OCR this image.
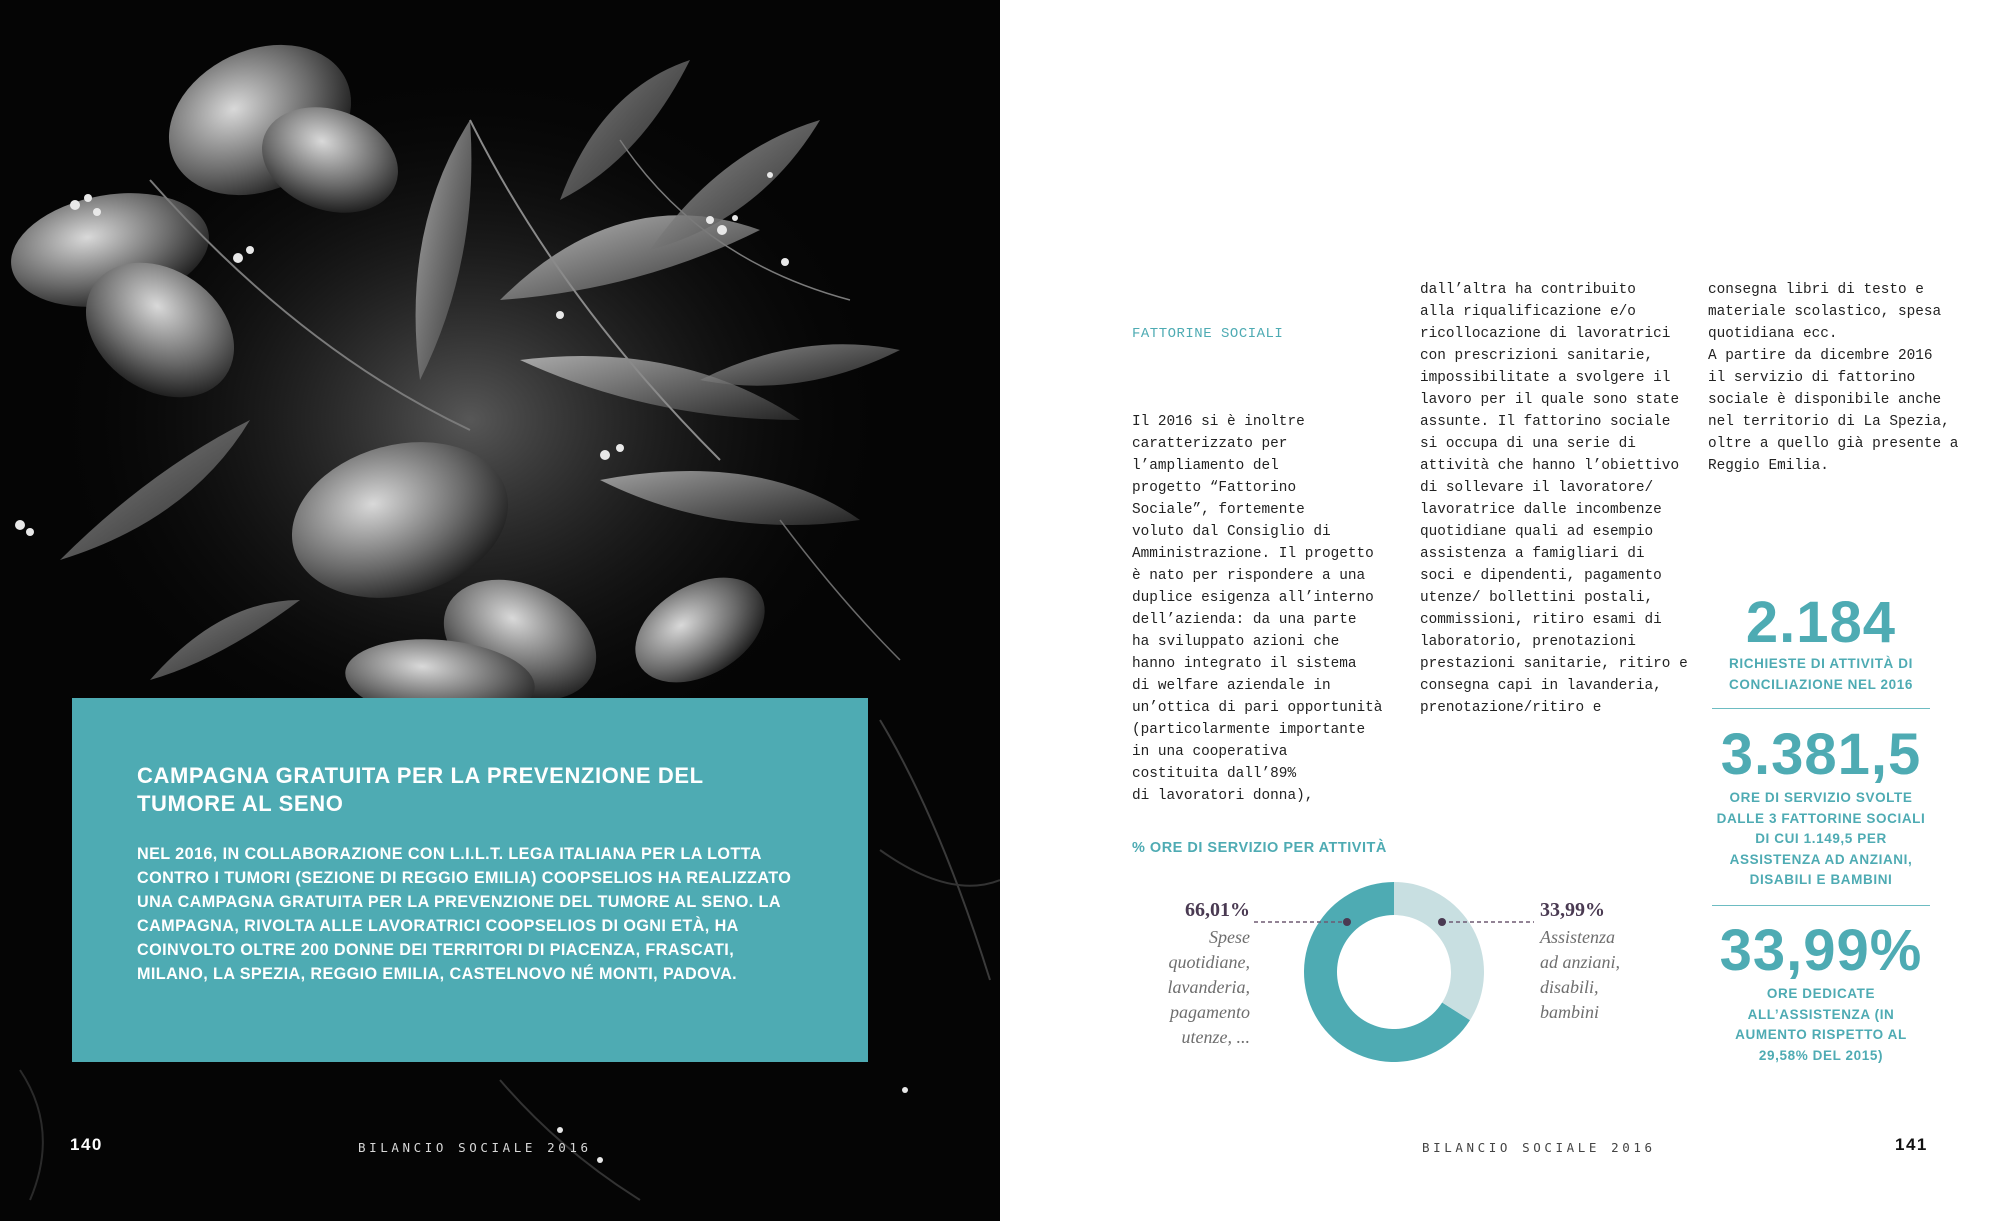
CAMPAGNA GRATUITA PER LA PREVENZIONE DEL TUMORE AL SENO
NEL 2016, IN COLLABORAZIONE CON L.I.L.T. LEGA ITALIANA PER LA LOTTA CONTRO I TUMORI (SEZIONE DI REGGIO EMILIA) COOPSELIOS HA REALIZZATO UNA CAMPAGNA GRATUITA PER LA PREVENZIONE DEL TUMORE AL SENO. LA CAMPAGNA, RIVOLTA ALLE LAVORATRICI COOPSELIOS DI OGNI ETÀ, HA COINVOLTO OLTRE 200 DONNE DEI TERRITORI DI PIACENZA, FRASCATI, MILANO, LA SPEZIA, REGGIO EMILIA, CASTELNOVO NÉ MONTI, PADOVA.
140	BILANCIO SOCIALE 2016

FATTORINE SOCIALI

Il 2016 si è inoltre
caratterizzato per
l’ampliamento del
progetto “Fattorino
Sociale”, fortemente
voluto dal Consiglio di
Amministrazione. Il progetto
è nato per rispondere a una
duplice esigenza all’interno
dell’azienda: da una parte
ha sviluppato azioni che
hanno integrato il sistema
di welfare aziendale in
un’ottica di pari opportunità
(particolarmente importante
in una cooperativa
costituita dall’89%
di lavoratori donna),

dall’altra ha contribuito
alla riqualificazione e/o
ricollocazione di lavoratrici
con prescrizioni sanitarie,
impossibilitate a svolgere il
lavoro per il quale sono state
assunte. Il fattorino sociale
si occupa di una serie di
attività che hanno l’obiettivo
di sollevare il lavoratore/
lavoratrice dalle incombenze
quotidiane quali ad esempio
assistenza a famigliari di
soci e dipendenti, pagamento
utenze/ bollettini postali,
commissioni, ritiro esami di
laboratorio, prenotazioni
prestazioni sanitarie, ritiro e
consegna capi in lavanderia,
prenotazione/ritiro e
consegna libri di testo e
materiale scolastico, spesa
quotidiana ecc.
A partire da dicembre 2016
il servizio di fattorino
sociale è disponibile anche
nel territorio di La Spezia,
oltre a quello già presente a
Reggio Emilia.
2.184
RICHIESTE DI ATTIVITÀ DI CONCILIAZIONE NEL 2016
3.381,5
ORE DI SERVIZIO SVOLTE DALLE 3 FATTORINE SOCIALI DI CUI 1.149,5 PER ASSISTENZA AD ANZIANI, DISABILI E BAMBINI
33,99%
ORE DEDICATE ALL’ASSISTENZA (IN AUMENTO RISPETTO AL 29,58% DEL 2015)
% ORE DI SERVIZIO PER ATTIVITÀ
66,01%
Spese
quotidiane,
lavanderia,
pagamento
utenze, ...
33,99%
Assistenza
ad anziani,
disabili,
bambini
141
BILANCIO SOCIALE 2016
